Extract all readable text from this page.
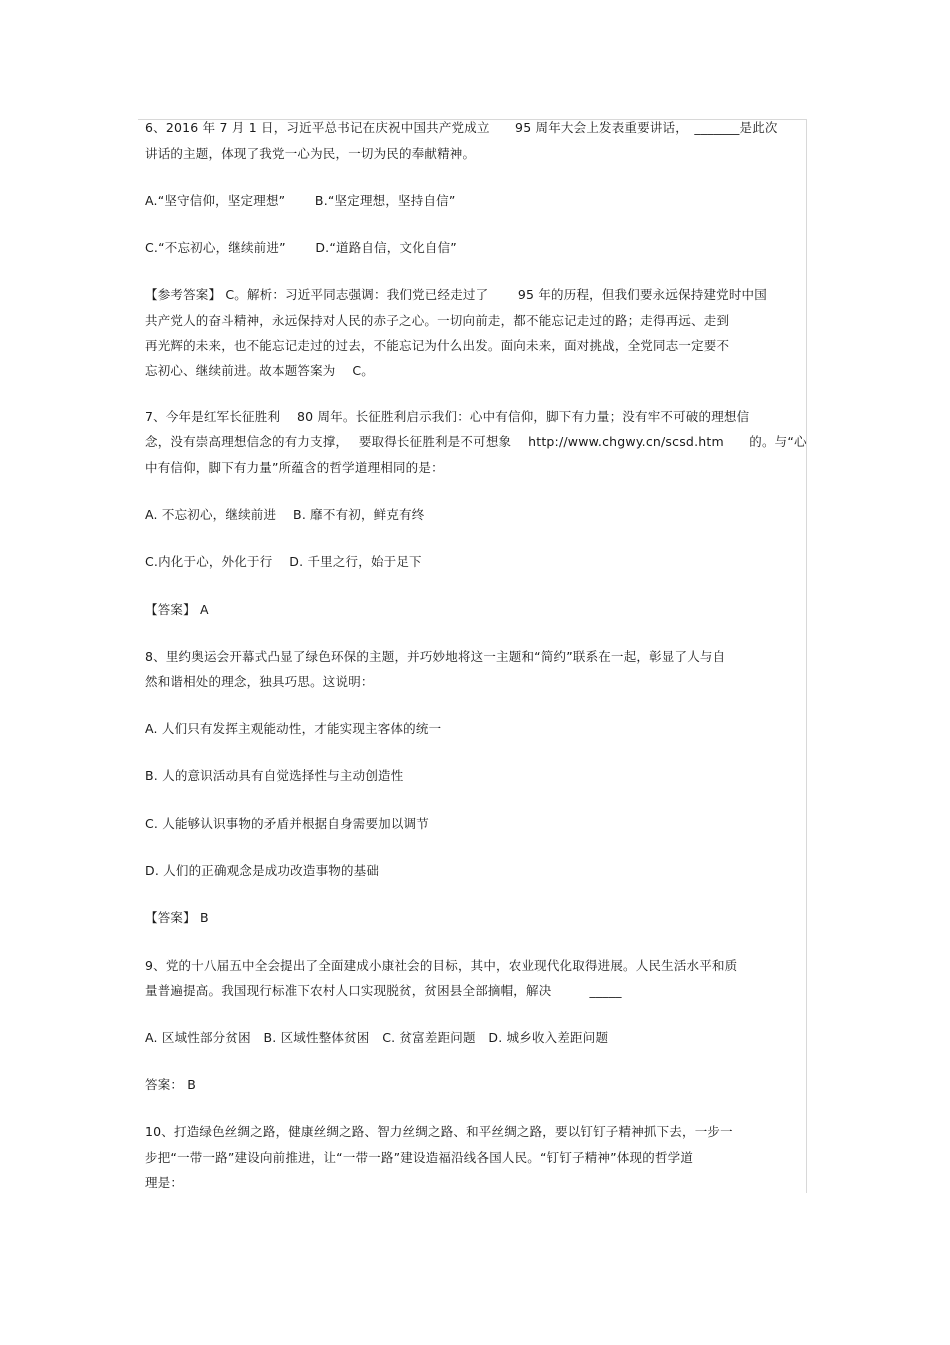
6、2016 年 7 月 1 日，习近平总书记在庆祝中国共产党成立　　95 周年大会上发表重要讲话，　_______是此次
讲话的主题，体现了我党一心为民，一切为民的奉献精神。
A.“坚守信仰，坚定理想”　　 B.“坚定理想，坚持自信”
C.“不忘初心，继续前进”　　 D.“道路自信，文化自信”
【参考答案】 C。解析：习近平同志强调：我们党已经走过了　　 95 年的历程，但我们要永远保持建党时中国
共产党人的奋斗精神，永远保持对人民的赤子之心。一切向前走，都不能忘记走过的路；走得再远、走到
再光辉的未来，也不能忘记走过的过去，不能忘记为什么出发。面向未来，面对挑战，全党同志一定要不
忘初心、继续前进。故本题答案为　 C。
7、今年是红军长征胜利　 80 周年。长征胜利启示我们：心中有信仰，脚下有力量；没有牢不可破的理想信
念，没有崇高理想信念的有力支撑，　 要取得长征胜利是不可想象　 http://www.chgwy.cn/scsd.htm　　的。与“心
中有信仰，脚下有力量”所蕴含的哲学道理相同的是：
A. 不忘初心，继续前进　 B. 靡不有初，鲜克有终
C.内化于心，外化于行　 D. 千里之行，始于足下
【答案】 A
8、里约奥运会开幕式凸显了绿色环保的主题，并巧妙地将这一主题和“简约”联系在一起，彰显了人与自
然和谐相处的理念，独具巧思。这说明：
A. 人们只有发挥主观能动性，才能实现主客体的统一
B. 人的意识活动具有自觉选择性与主动创造性
C. 人能够认识事物的矛盾并根据自身需要加以调节
D. 人们的正确观念是成功改造事物的基础
【答案】 B
9、党的十八届五中全会提出了全面建成小康社会的目标，其中，农业现代化取得进展。人民生活水平和质
量普遍提高。我国现行标准下农村人口实现脱贫，贫困县全部摘帽，解决　　　_____
A. 区域性部分贫困　B. 区域性整体贫困　C. 贫富差距问题　D. 城乡收入差距问题
答案： B
10、打造绿色丝绸之路，健康丝绸之路、智力丝绸之路、和平丝绸之路，要以钉钉子精神抓下去，一步一
步把“一带一路”建设向前推进，让“一带一路”建设造福沿线各国人民。“钉钉子精神”体现的哲学道
理是：
